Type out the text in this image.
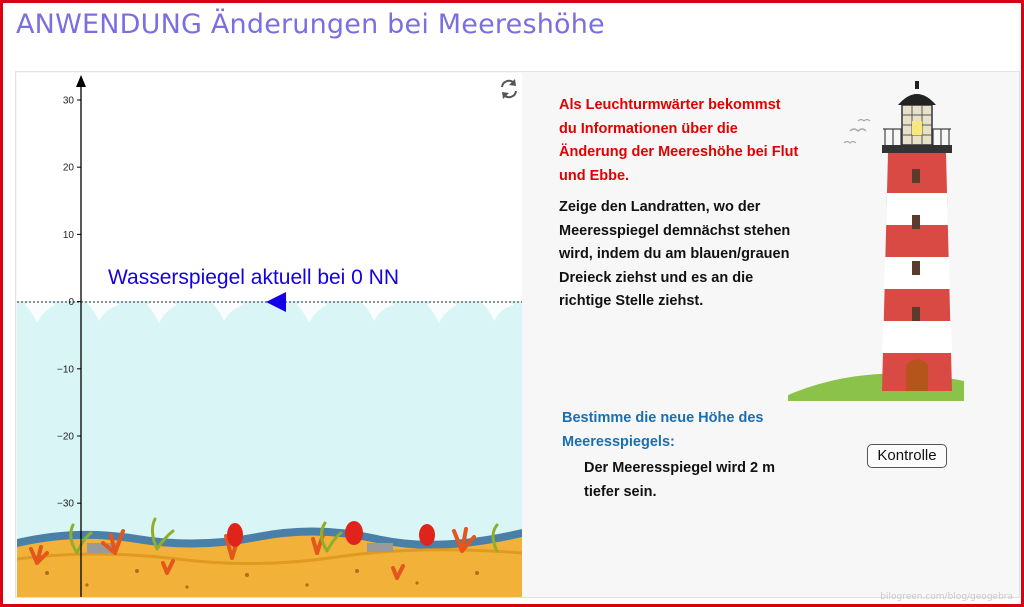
ANWENDUNG Änderungen bei Meereshöhe
30
20
10
0
−10
−20
−30
Wasserspiegel aktuell bei 0 NN
Als Leuchturmwärter bekommst du Informationen über die Änderung der Meereshöhe bei Flut und Ebbe.
Zeige den Landratten, wo der Meeresspiegel demnächst stehen wird, indem du am blauen/grauen Dreieck ziehst und es an die richtige Stelle ziehst.
Bestimme die neue Höhe des Meeresspiegels:
Der Meeresspiegel wird 2 m tiefer sein.
Kontrolle
bilogreen.com/blog/geogebra
